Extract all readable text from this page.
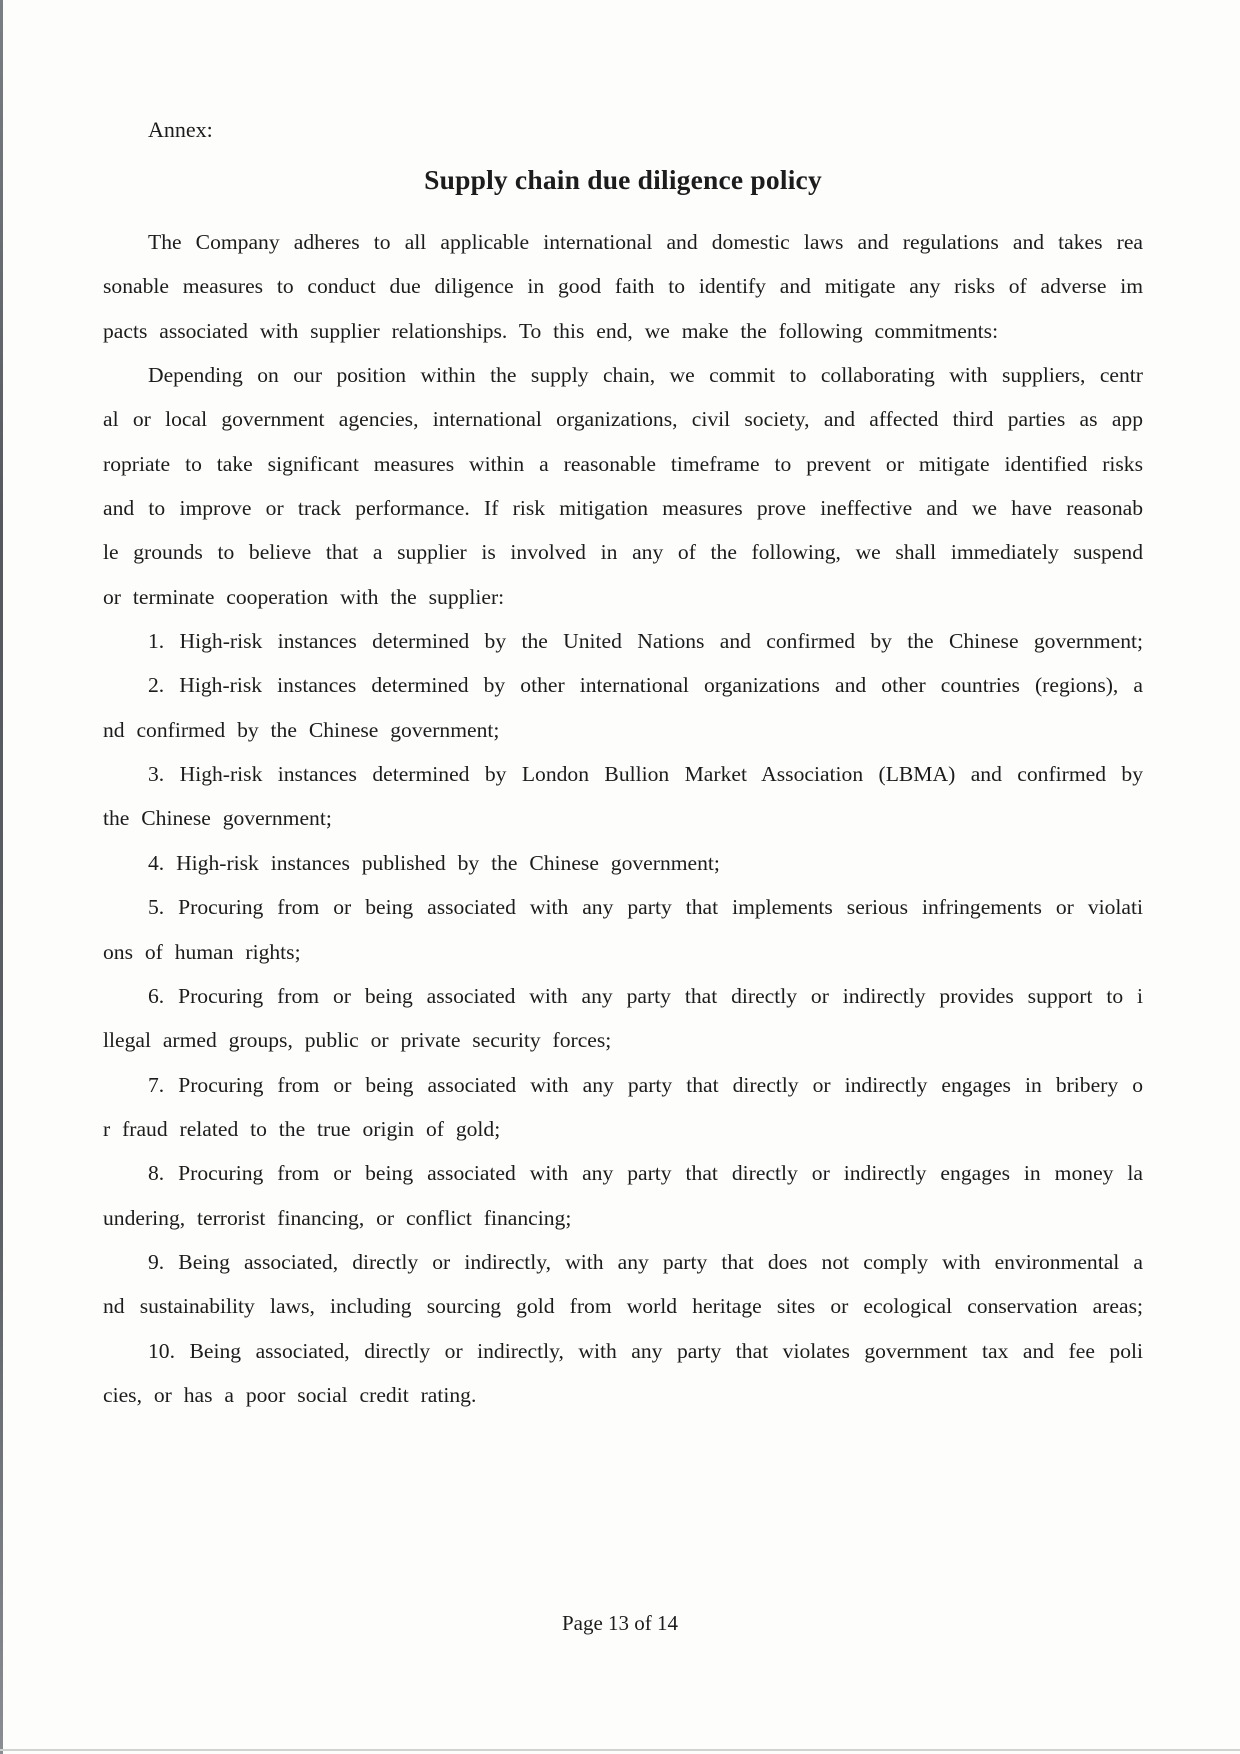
Annex:
Supply chain due diligence policy
The Company adheres to all applicable international and domestic laws and regulations and takes rea
sonable measures to conduct due diligence in good faith to identify and mitigate any risks of adverse im
pacts associated with supplier relationships. To this end, we make the following commitments:
Depending on our position within the supply chain, we commit to collaborating with suppliers, centr
al or local government agencies, international organizations, civil society, and affected third parties as app
ropriate to take significant measures within a reasonable timeframe to prevent or mitigate identified risks
and to improve or track performance. If risk mitigation measures prove ineffective and we have reasonab
le grounds to believe that a supplier is involved in any of the following, we shall immediately suspend
or terminate cooperation with the supplier:
1. High-risk instances determined by the United Nations and confirmed by the Chinese government;
2. High-risk instances determined by other international organizations and other countries (regions), a
nd confirmed by the Chinese government;
3. High-risk instances determined by London Bullion Market Association (LBMA) and confirmed by
the Chinese government;
4. High-risk instances published by the Chinese government;
5. Procuring from or being associated with any party that implements serious infringements or violati
ons of human rights;
6. Procuring from or being associated with any party that directly or indirectly provides support to i
llegal armed groups, public or private security forces;
7. Procuring from or being associated with any party that directly or indirectly engages in bribery o
r fraud related to the true origin of gold;
8. Procuring from or being associated with any party that directly or indirectly engages in money la
undering, terrorist financing, or conflict financing;
9. Being associated, directly or indirectly, with any party that does not comply with environmental a
nd sustainability laws, including sourcing gold from world heritage sites or ecological conservation areas;
10. Being associated, directly or indirectly, with any party that violates government tax and fee poli
cies, or has a poor social credit rating.
Page 13 of 14
